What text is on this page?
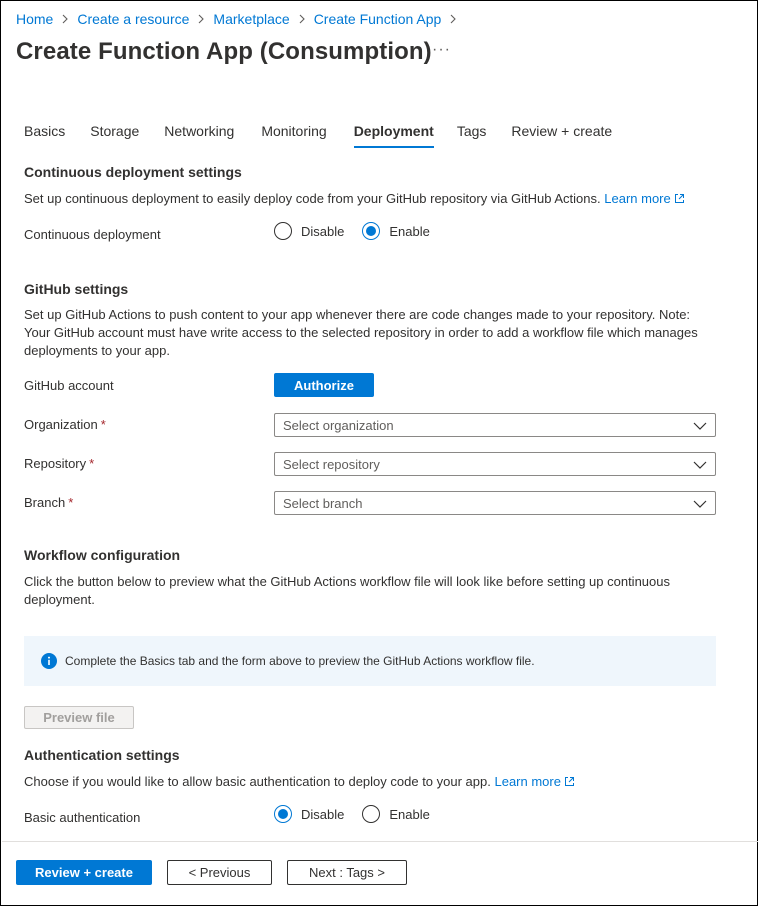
Home Create a resource Marketplace Create Function App
Create Function App (Consumption) ···
Basics Storage Networking Monitoring Deployment Tags Review + create
Continuous deployment settings
Set up continuous deployment to easily deploy code from your GitHub repository via GitHub Actions. Learn more
Continuous deployment	Disable	Enable
GitHub settings
Set up GitHub Actions to push content to your app whenever there are code changes made to your repository. Note:
Your GitHub account must have write access to the selected repository in order to add a workflow file which manages
deployments to your app.
GitHub account	Authorize
Organization *	Select organization
Repository *	Select repository
Branch *	Select branch
Workflow configuration
Click the button below to preview what the GitHub Actions workflow file will look like before setting up continuous
deployment.
Complete the Basics tab and the form above to preview the GitHub Actions workflow file.
Preview file
Authentication settings
Choose if you would like to allow basic authentication to deploy code to your app. Learn more
Basic authentication	Disable	Enable
Review + create	< Previous	Next : Tags >
